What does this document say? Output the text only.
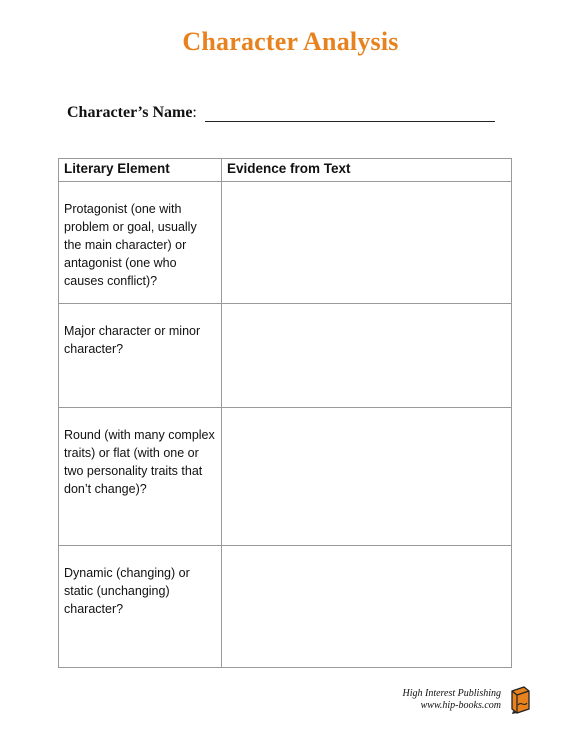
Character Analysis
Character’s Name :
Literary Element	Evidence from Text
Protagonist (one with problem or goal, usually the main character) or antagonist (one who causes conflict)?	
Major character or minor character?	
Round (with many complex traits) or flat (with one or two personality traits that don’t change)?	
Dynamic (changing) or static (unchanging) character?	
High Interest Publishing
www.hip-books.com
